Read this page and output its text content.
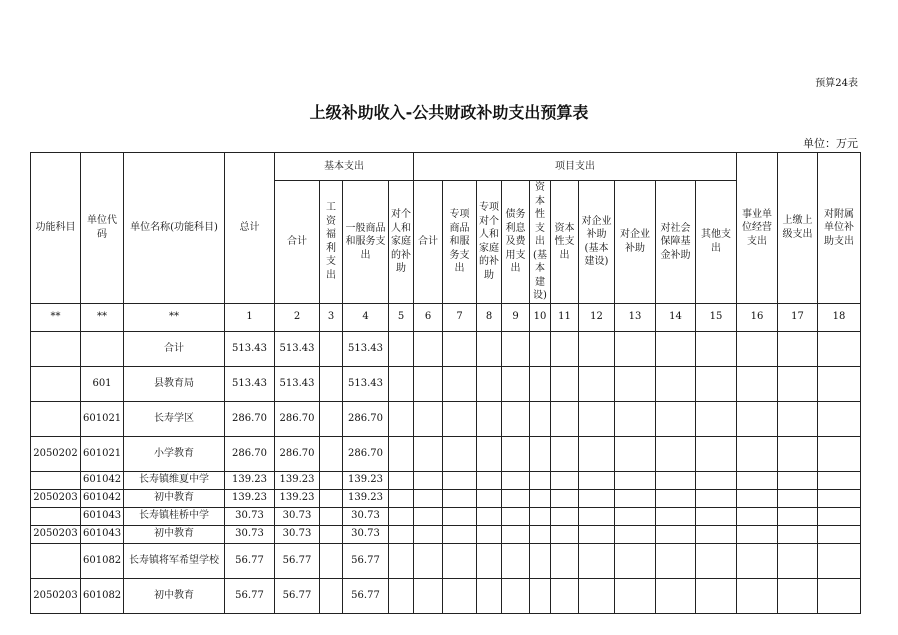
预算24表
上级补助收入-公共财政补助支出预算表
单位：万元
功能科目	单位代码	单位名称(功能科目)	总计	基本支出				项目支出										事业单位经营支出	上缴上级支出	对附属单位补助支出
				合计	工资福利支出	一般商品和服务支出	对个人和家庭的补助	合计	专项商品和服务支出	专项对个人和家庭的补助	债务利息及费用支出	资本性支出(基本建设)	资本性支出	对企业补助(基本建设)	对企业补助	对社会保障基金补助	其他支出			
**	**	**	1	2	3	4	5	6	7	8	9	10	11	12	13	14	15	16	17	18
		合计	513.43	513.43		513.43														
	601	县教育局	513.43	513.43		513.43														
	601021	长寿学区	286.70	286.70		286.70														
2050202	601021	小学教育	286.70	286.70		286.70														
	601042	长寿镇维夏中学	139.23	139.23		139.23														
2050203	601042	初中教育	139.23	139.23		139.23														
	601043	长寿镇桂桥中学	30.73	30.73		30.73														
2050203	601043	初中教育	30.73	30.73		30.73														
	601082	长寿镇将军希望学校	56.77	56.77		56.77														
2050203	601082	初中教育	56.77	56.77		56.77														
